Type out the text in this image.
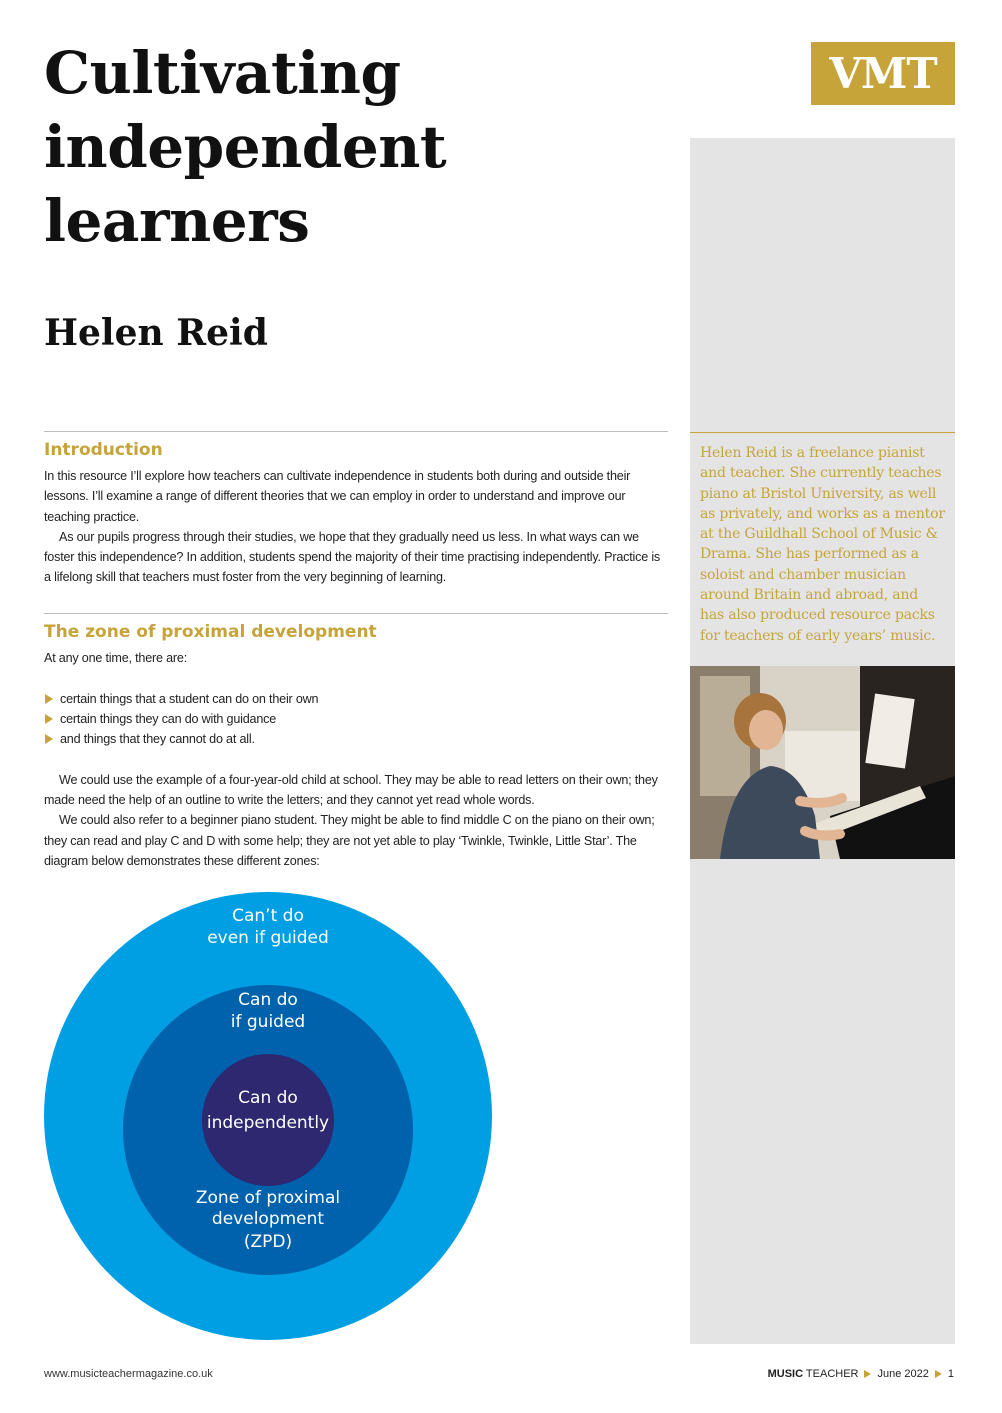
Cultivating
independent
learners
Helen Reid
VMT

Helen Reid is a freelance pianist and teacher. She currently teaches piano at Bristol University, as well as privately, and works as a mentor at the Guildhall School of Music & Drama. She has performed as a soloist and chamber musician around Britain and abroad, and has also produced resource packs for teachers of early years’ music.

Introduction

In this resource I’ll explore how teachers can cultivate independence in students both during and outside their lessons. I’ll examine a range of different theories that we can employ in order to understand and improve our teaching practice.

As our pupils progress through their studies, we hope that they gradually need us less. In what ways can we foster this independence? In addition, students spend the majority of their time practising independently. Practice is a lifelong skill that teachers must foster from the very beginning of learning.

The zone of proximal development

At any one time, there are:

certain things that a student can do on their own
certain things they can do with guidance
and things that they cannot do at all.

We could use the example of a four-year-old child at school. They may be able to read letters on their own; they made need the help of an outline to write the letters; and they cannot yet read whole words.

We could also refer to a beginner piano student. They might be able to find middle C on the piano on their own; they can read and play C and D with some help; they are not yet able to play ‘Twinkle, Twinkle, Little Star’. The diagram below demonstrates these different zones:

Can’t do
even if guided
Can do
if guided
Can do
independently
Zone of proximal
development
(ZPD)
www.musicteachermagazine.co.uk	MUSIC TEACHER June 2022 1
